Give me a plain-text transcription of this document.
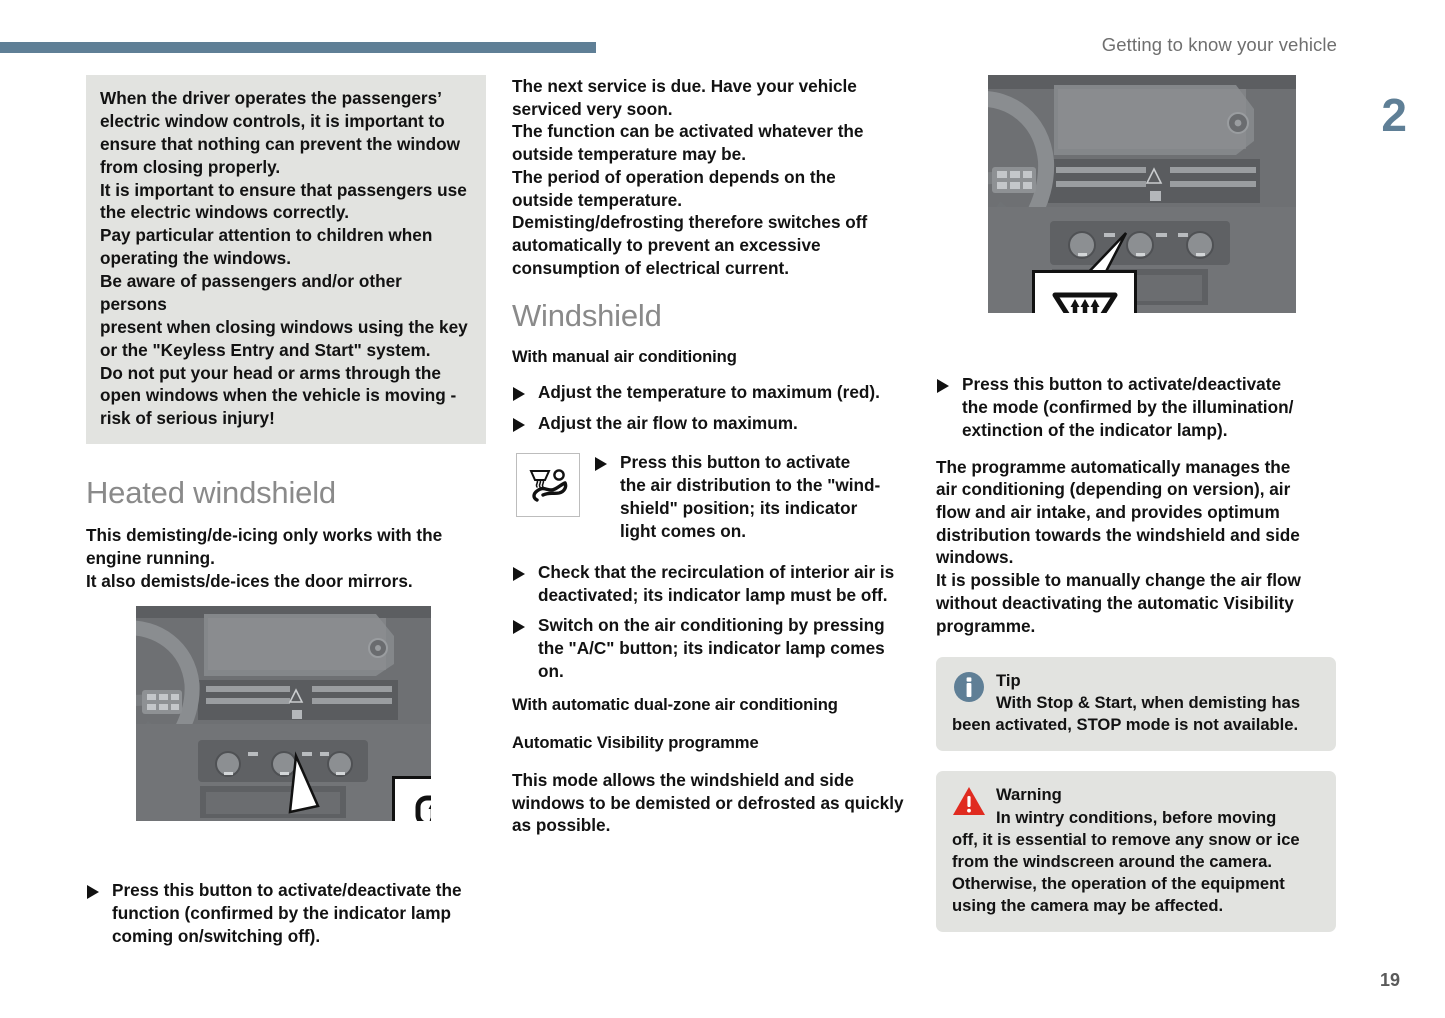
Getting to know your vehicle
2
19
When the driver operates the passengers’
electric window controls, it is important to
ensure that nothing can prevent the window
from closing properly.
It is important to ensure that passengers use
the electric windows correctly.
Pay particular attention to children when
operating the windows.
Be aware of passengers and/or other persons
present when closing windows using the key
or the "Keyless Entry and Start" system.
Do not put your head or arms through the
open windows when the vehicle is moving -
risk of serious injury!
Heated windshield

This demisting/de-icing only works with the
engine running.
It also demists/de-ices the door mirrors.

Press this button to activate/deactivate the
function (confirmed by the indicator lamp
coming on/switching off).

The next service is due. Have your vehicle
serviced very soon.
The function can be activated whatever the
outside temperature may be.
The period of operation depends on the
outside temperature.
Demisting/defrosting therefore switches off
automatically to prevent an excessive
consumption of electrical current.

Windshield
With manual air conditioning
Adjust the temperature to maximum (red).
Adjust the air flow to maximum.
Press this button to activate
the air distribution to the "wind-
shield" position; its indicator
light comes on.
Check that the recirculation of interior air is
deactivated; its indicator lamp must be off.
Switch on the air conditioning by pressing
the "A/C" button; its indicator lamp comes
on.
With automatic dual-zone air conditioning
Automatic Visibility programme

This mode allows the windshield and side
windows to be demisted or defrosted as quickly
as possible.

Press this button to activate/deactivate
the mode (confirmed by the illumination/
extinction of the indicator lamp).

The programme automatically manages the
air conditioning (depending on version), air
flow and air intake, and provides optimum
distribution towards the windshield and side
windows.
It is possible to manually change the air flow
without deactivating the automatic Visibility
programme.

Tip
With Stop & Start, when demisting has
been activated, STOP mode is not available.
Warning
In wintry conditions, before moving
off, it is essential to remove any snow or ice
from the windscreen around the camera.
Otherwise, the operation of the equipment
using the camera may be affected.
